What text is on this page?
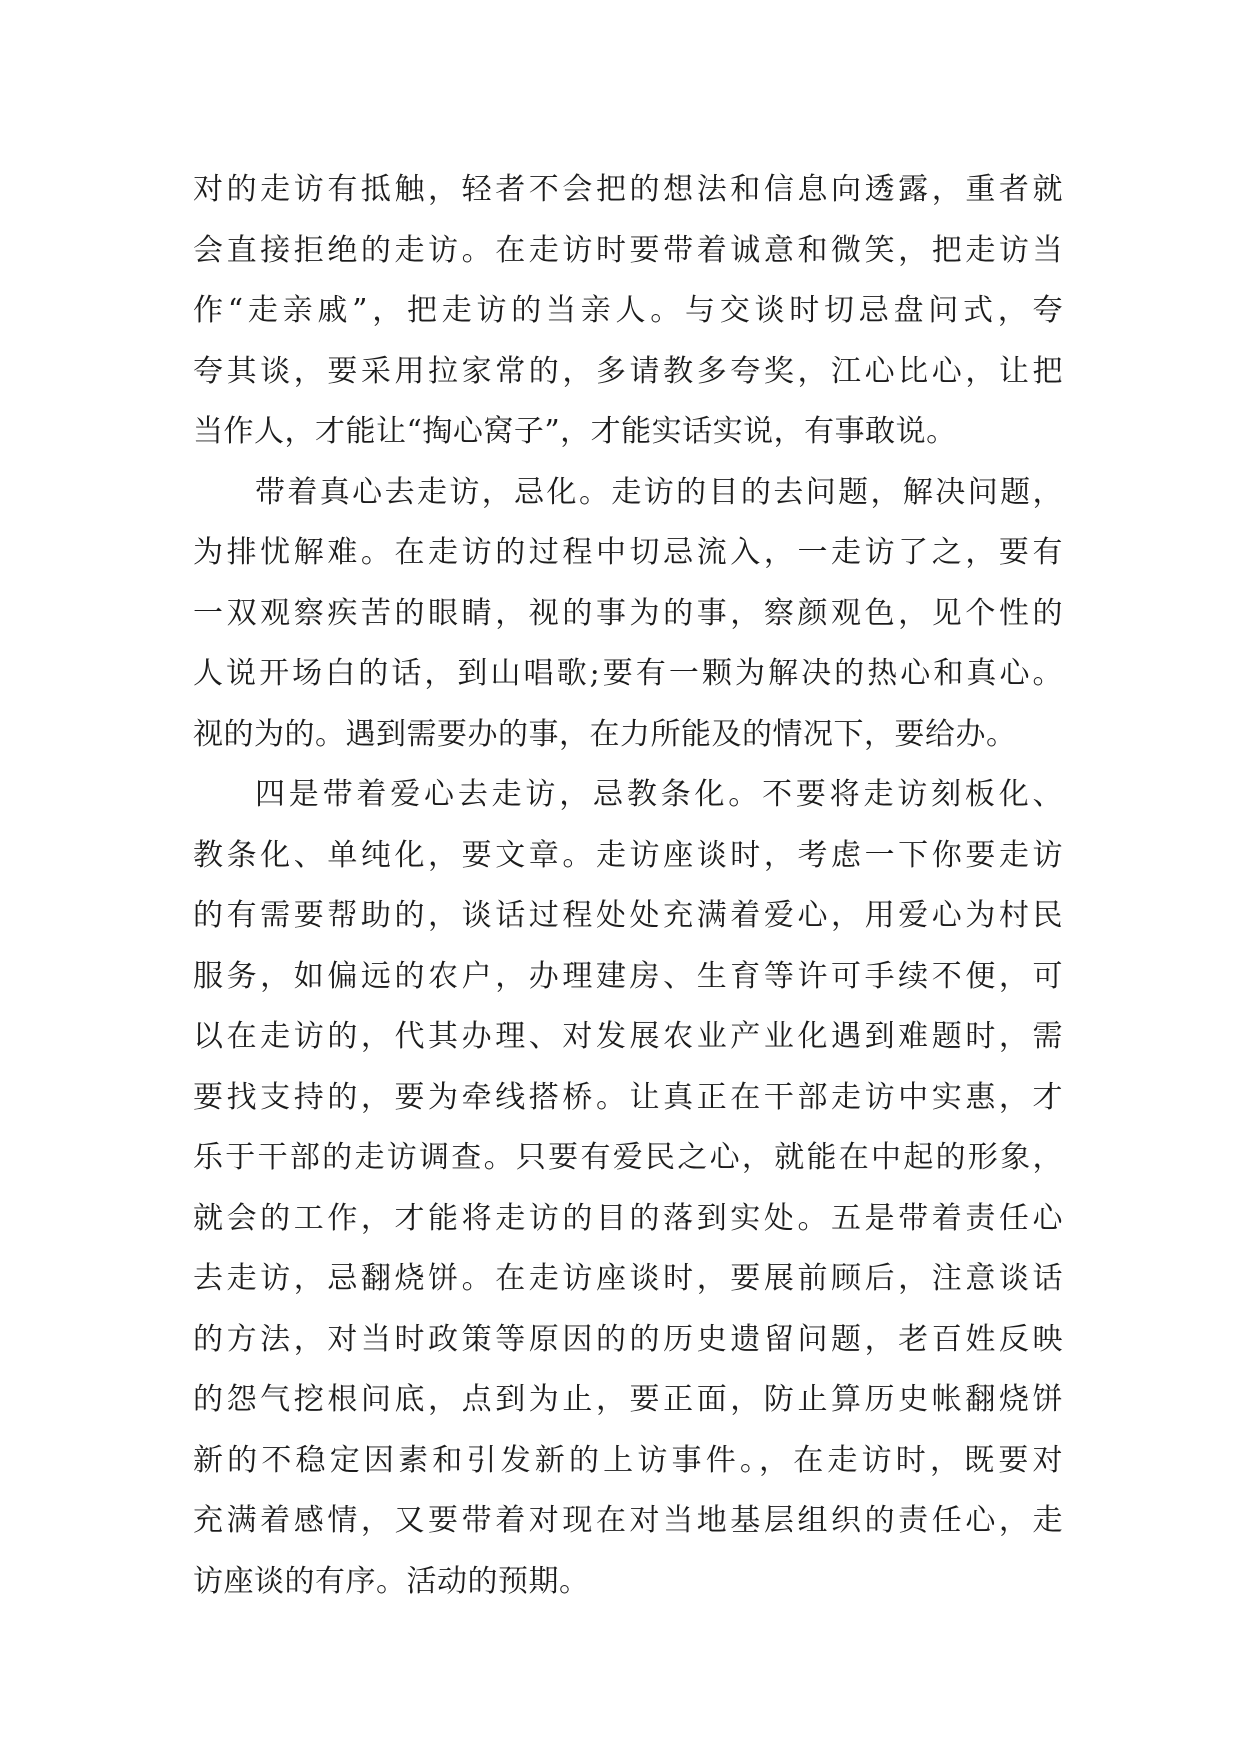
对的走访有抵触，轻者不会把的想法和信息向透露，重者就
会直接拒绝的走访。在走访时要带着诚意和微笑，把走访当
作“走亲戚”，把走访的当亲人。与交谈时切忌盘问式，夸
夸其谈，要采用拉家常的，多请教多夸奖，江心比心，让把
当作人，才能让“掏心窝子”，才能实话实说，有事敢说。
带着真心去走访，忌化。走访的目的去问题，解决问题，
为排忧解难。在走访的过程中切忌流入，一走访了之，要有
一双观察疾苦的眼睛，视的事为的事，察颜观色，见个性的
人说开场白的话，到山唱歌;要有一颗为解决的热心和真心。
视的为的。遇到需要办的事，在力所能及的情况下，要给办。
四是带着爱心去走访，忌教条化。不要将走访刻板化、
教条化、单纯化，要文章。走访座谈时，考虑一下你要走访
的有需要帮助的，谈话过程处处充满着爱心，用爱心为村民
服务，如偏远的农户，办理建房、生育等许可手续不便，可
以在走访的，代其办理、对发展农业产业化遇到难题时，需
要找支持的，要为牵线搭桥。让真正在干部走访中实惠，才
乐于干部的走访调查。只要有爱民之心，就能在中起的形象，
就会的工作，才能将走访的目的落到实处。五是带着责任心
去走访，忌翻烧饼。在走访座谈时，要展前顾后，注意谈话
的方法，对当时政策等原因的的历史遗留问题，老百姓反映
的怨气挖根问底，点到为止，要正面，防止算历史帐翻烧饼
新的不稳定因素和引发新的上访事件。，在走访时，既要对
充满着感情，又要带着对现在对当地基层组织的责任心，走
访座谈的有序。活动的预期。
